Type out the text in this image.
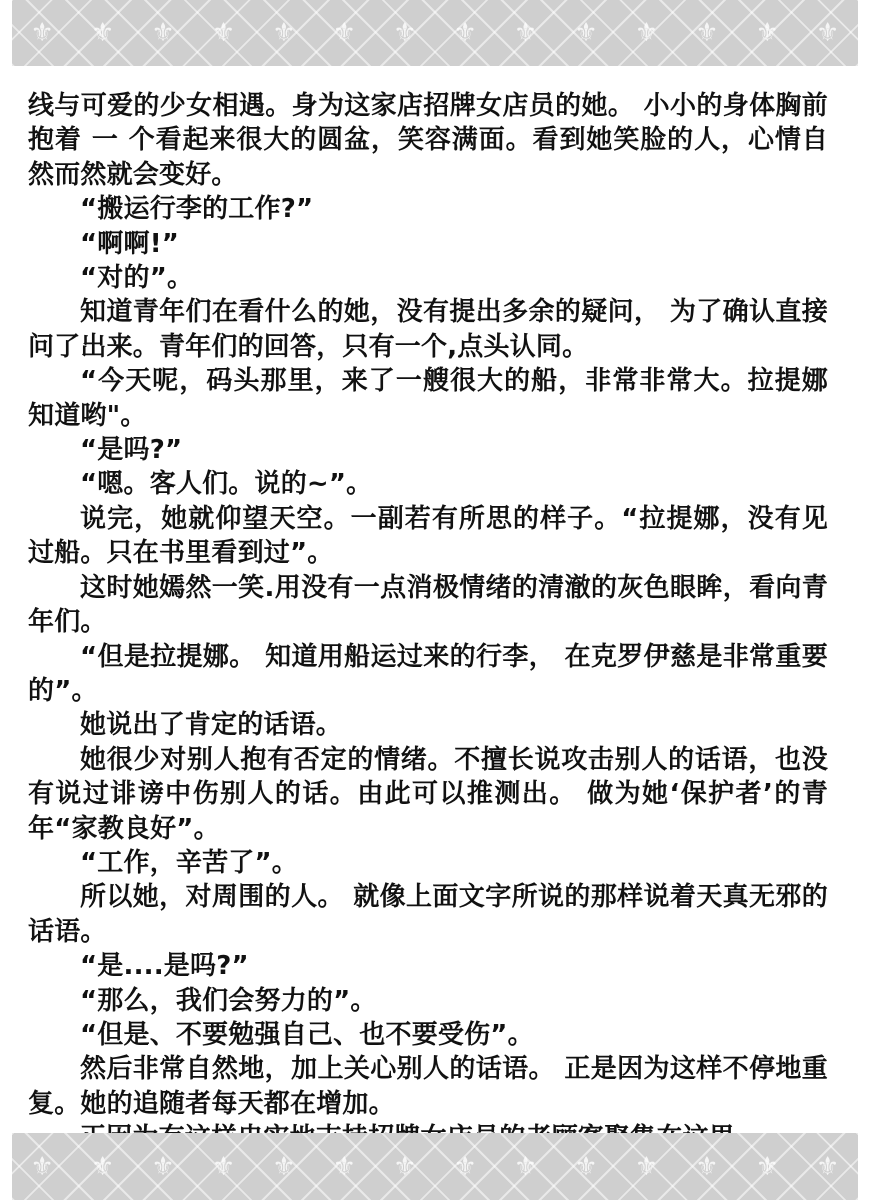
⚜ ⚜ ⚜ ⚜ ⚜ ⚜ ⚜ ⚜ ⚜ ⚜ ⚜ ⚜ ⚜ ⚜

线与可爱的少女相遇。身为这家店招牌女店员的她。 小小的身体胸前抱着 一 个看起来很大的圆盆，笑容满面。看到她笑脸的人，心情自然而然就会变好。

“搬运行李的工作?”

“啊啊!”

“对的”。

知道青年们在看什么的她，没有提出多余的疑问， 为了确认直接问了出来。青年们的回答，只有一个,点头认同。

“今天呢，码头那里，来了一艘很大的船，非常非常大。拉提娜知道哟"。

“是吗?”

“嗯。客人们。说的~”。

说完，她就仰望天空。一副若有所思的样子。“拉提娜，没有见过船。只在书里看到过”。

这时她嫣然一笑.用没有一点消极情绪的清澈的灰色眼眸，看向青年们。

“但是拉提娜。 知道用船运过来的行李， 在克罗伊慈是非常重要的”。

她说出了肯定的话语。

她很少对别人抱有否定的情绪。不擅长说攻击别人的话语，也没有说过诽谤中伤别人的话。由此可以推测出。 做为她‘保护者’的青年“家教良好”。

“工作，辛苦了”。

所以她，对周围的人。 就像上面文字所说的那样说着天真无邪的话语。

“是....是吗?”

“那么，我们会努力的”。

“但是、不要勉强自己、也不要受伤”。

然后非常自然地，加上关心别人的话语。 正是因为这样不停地重复。她的追随者每天都在增加。

⚜ ⚜ ⚜ ⚜ ⚜ ⚜ ⚜ ⚜ ⚜ ⚜ ⚜ ⚜ ⚜ ⚜
